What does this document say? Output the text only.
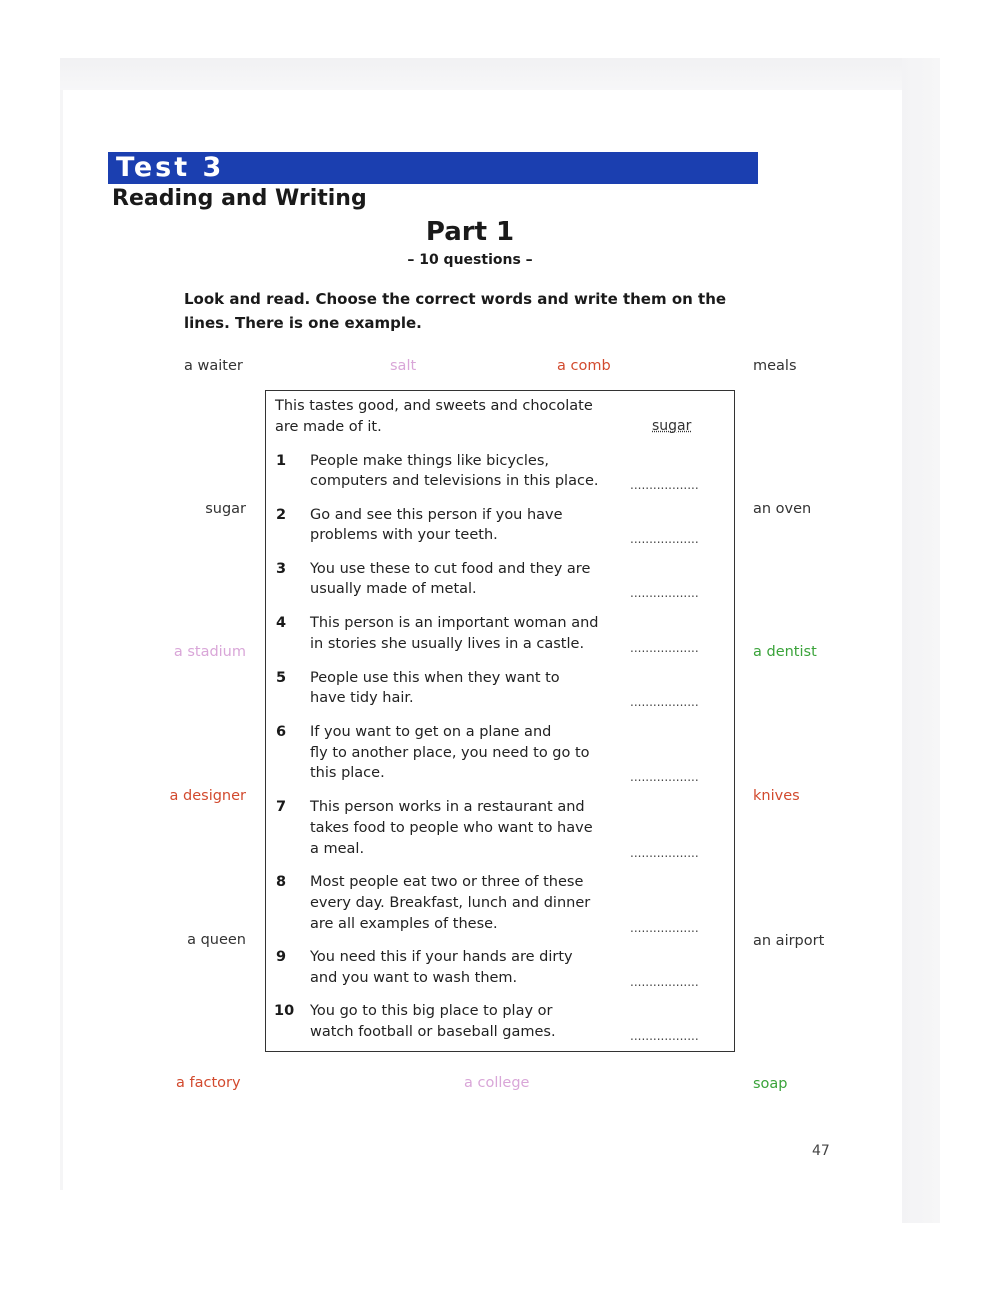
Test 3
Reading and Writing
Part 1
– 10 questions –
Look and read. Choose the correct words and write them on the lines. There is one example.
a waiter	salt	a comb	meals
sugar	an oven
a stadium	a dentist
a designer	knives
a queen	an airport
a factory	a college	soap
This tastes good, and sweets and chocolate
are made of it.	sugar
1 People make things like bicycles,
computers and televisions in this place.	..................
2 Go and see this person if you have
problems with your teeth.	..................
3 You use these to cut food and they are
usually made of metal.	..................
4 This person is an important woman and
in stories she usually lives in a castle.	..................
5 People use this when they want to
have tidy hair.	..................
6 If you want to get on a plane and
fly to another place, you need to go to
this place.	..................
7 This person works in a restaurant and
takes food to people who want to have
a meal.	..................
8 Most people eat two or three of these
every day. Breakfast, lunch and dinner
are all examples of these.	..................
9 You need this if your hands are dirty
and you want to wash them.	..................
10 You go to this big place to play or
watch football or baseball games.	..................
47
